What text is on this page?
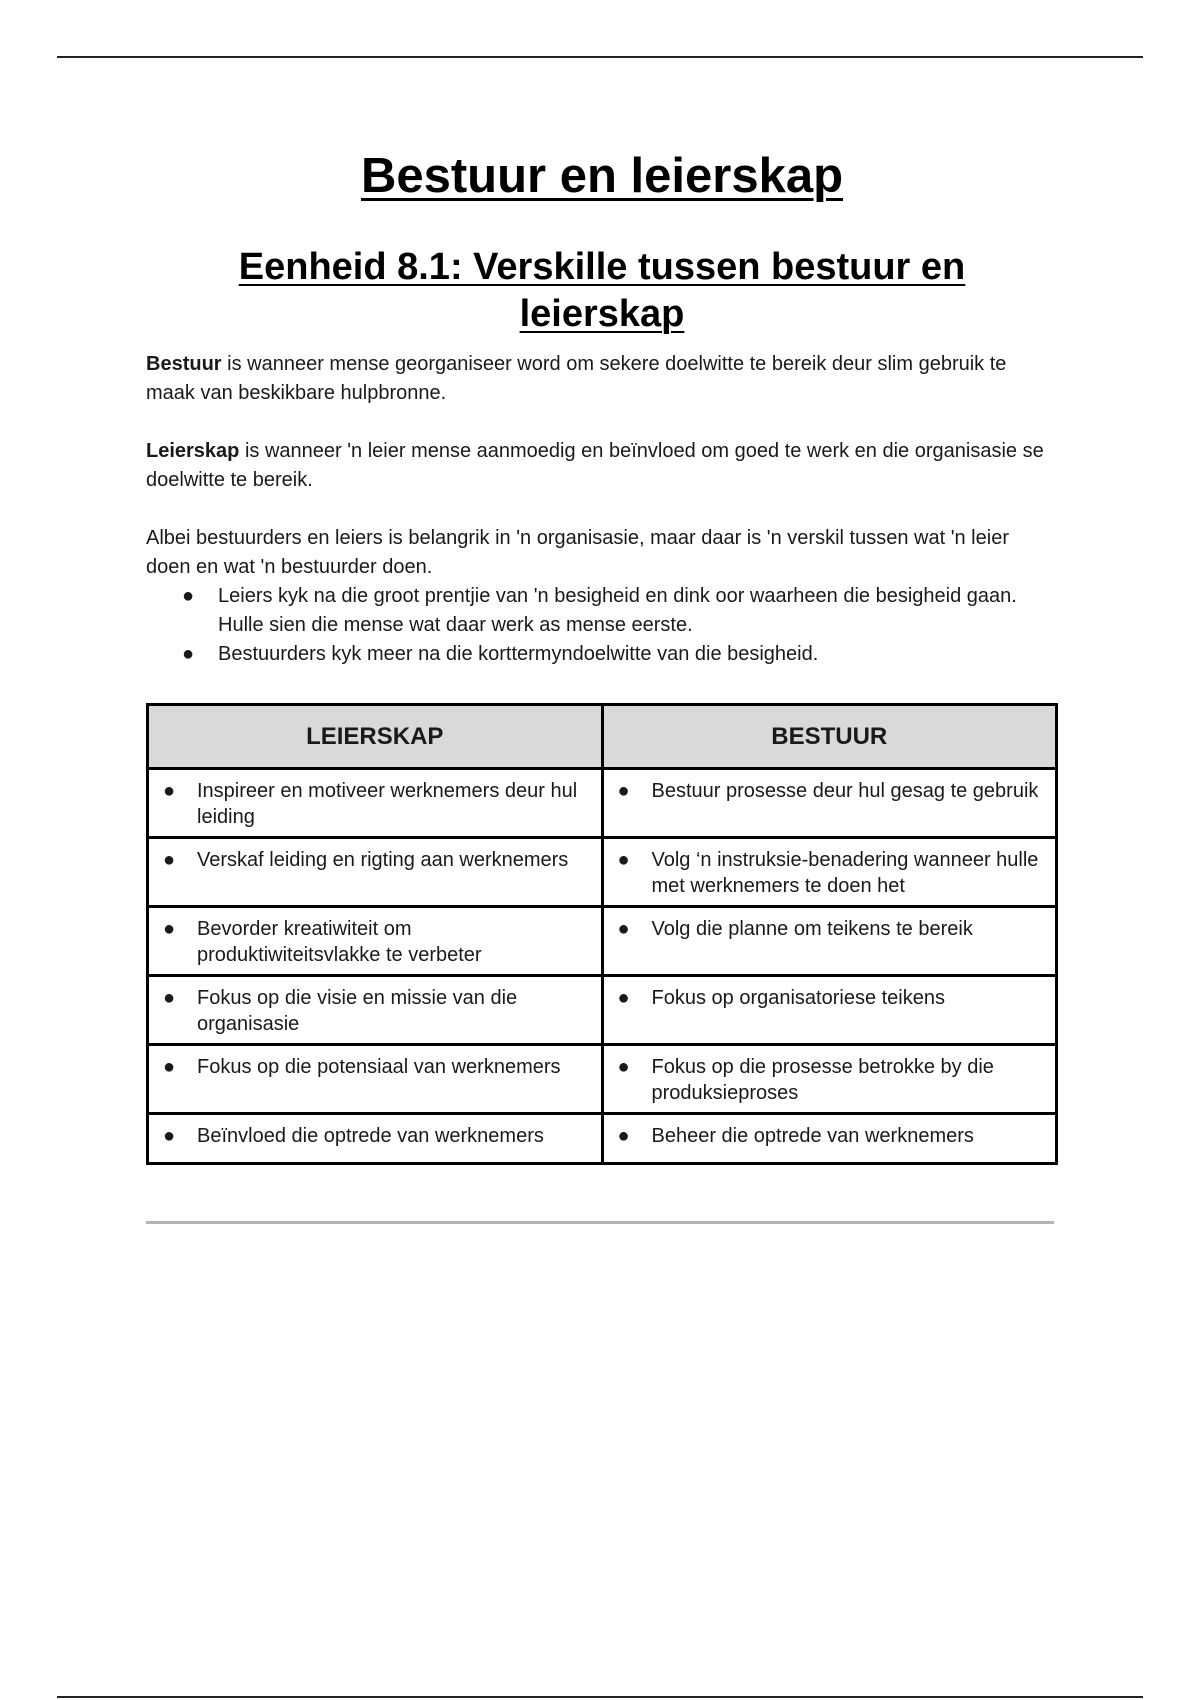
Bestuur en leierskap
Eenheid 8.1: Verskille tussen bestuur en leierskap

Bestuur is wanneer mense georganiseer word om sekere doelwitte te bereik deur slim gebruik te maak van beskikbare hulpbronne.

Leierskap is wanneer 'n leier mense aanmoedig en beïnvloed om goed te werk en die organisasie se doelwitte te bereik.

Albei bestuurders en leiers is belangrik in 'n organisasie, maar daar is 'n verskil tussen wat 'n leier doen en wat 'n bestuurder doen.

● Leiers kyk na die groot prentjie van 'n besigheid en dink oor waarheen die besigheid gaan. Hulle sien die mense wat daar werk as mense eerste.
● Bestuurders kyk meer na die korttermyndoelwitte van die besigheid.
LEIERSKAP	BESTUUR

● Inspireer en motiveer werknemers deur hul leiding	● Bestuur prosesse deur hul gesag te gebruik

● Verskaf leiding en rigting aan werknemers	● Volg ‘n instruksie-benadering wanneer hulle met werknemers te doen het

● Bevorder kreatiwiteit om produktiwiteitsvlakke te verbeter	● Volg die planne om teikens te bereik

● Fokus op die visie en missie van die organisasie	● Fokus op organisatoriese teikens

● Fokus op die potensiaal van werknemers	● Fokus op die prosesse betrokke by die produksieproses

● Beïnvloed die optrede van werknemers	● Beheer die optrede van werknemers
